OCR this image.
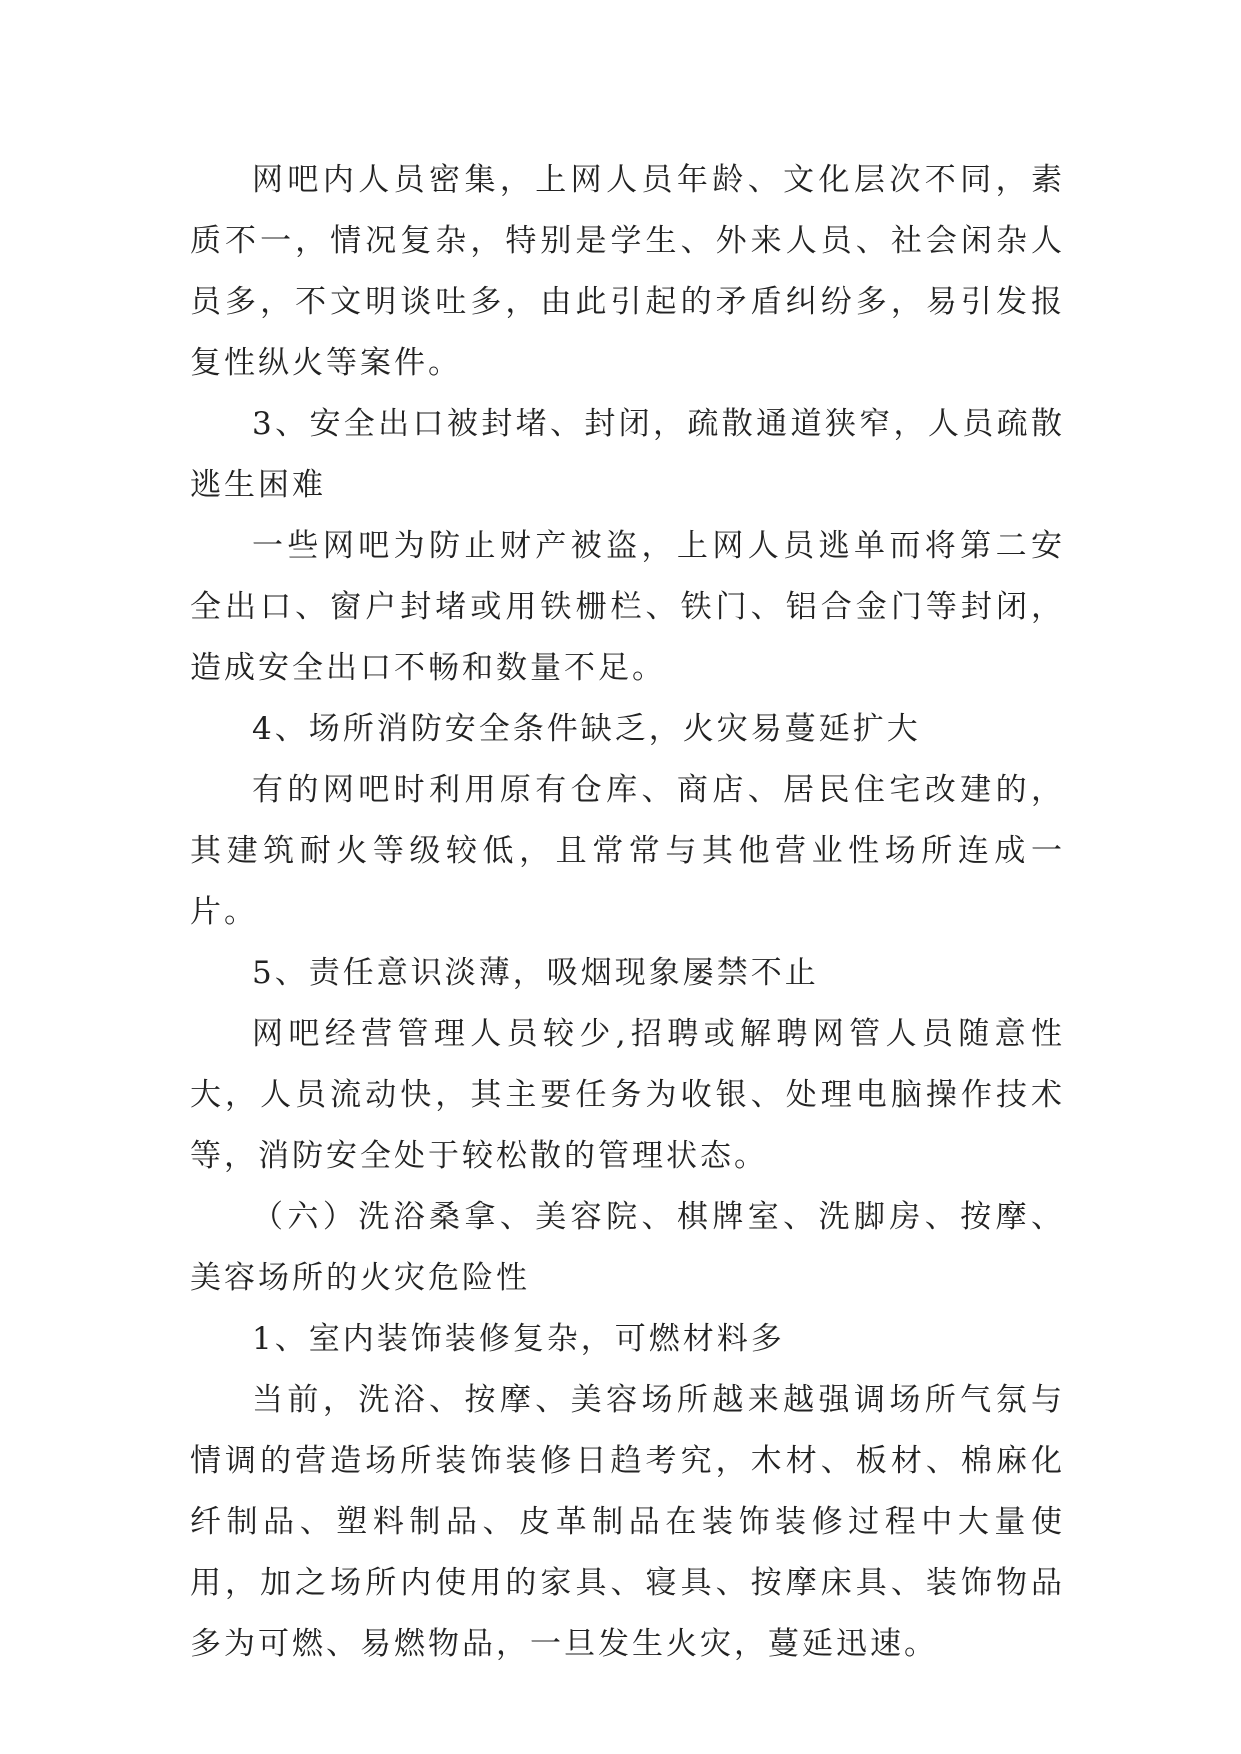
网吧内人员密集，上网人员年龄、文化层次不同，素质不一，情况复杂，特别是学生、外来人员、社会闲杂人员多，不文明谈吐多，由此引起的矛盾纠纷多，易引发报复性纵火等案件。

3、安全出口被封堵、封闭，疏散通道狭窄，人员疏散逃生困难

一些网吧为防止财产被盗，上网人员逃单而将第二安全出口、窗户封堵或用铁栅栏、铁门、铝合金门等封闭，造成安全出口不畅和数量不足。

4、场所消防安全条件缺乏，火灾易蔓延扩大

有的网吧时利用原有仓库、商店、居民住宅改建的，其建筑耐火等级较低，且常常与其他营业性场所连成一片。

5、责任意识淡薄，吸烟现象屡禁不止

网吧经营管理人员较少,招聘或解聘网管人员随意性大，人员流动快，其主要任务为收银、处理电脑操作技术等，消防安全处于较松散的管理状态。

（六）洗浴桑拿、美容院、棋牌室、洗脚房、按摩、美容场所的火灾危险性

1、室内装饰装修复杂，可燃材料多

当前，洗浴、按摩、美容场所越来越强调场所气氛与情调的营造场所装饰装修日趋考究，木材、板材、棉麻化纤制品、塑料制品、皮革制品在装饰装修过程中大量使用，加之场所内使用的家具、寝具、按摩床具、装饰物品多为可燃、易燃物品，一旦发生火灾，蔓延迅速。
